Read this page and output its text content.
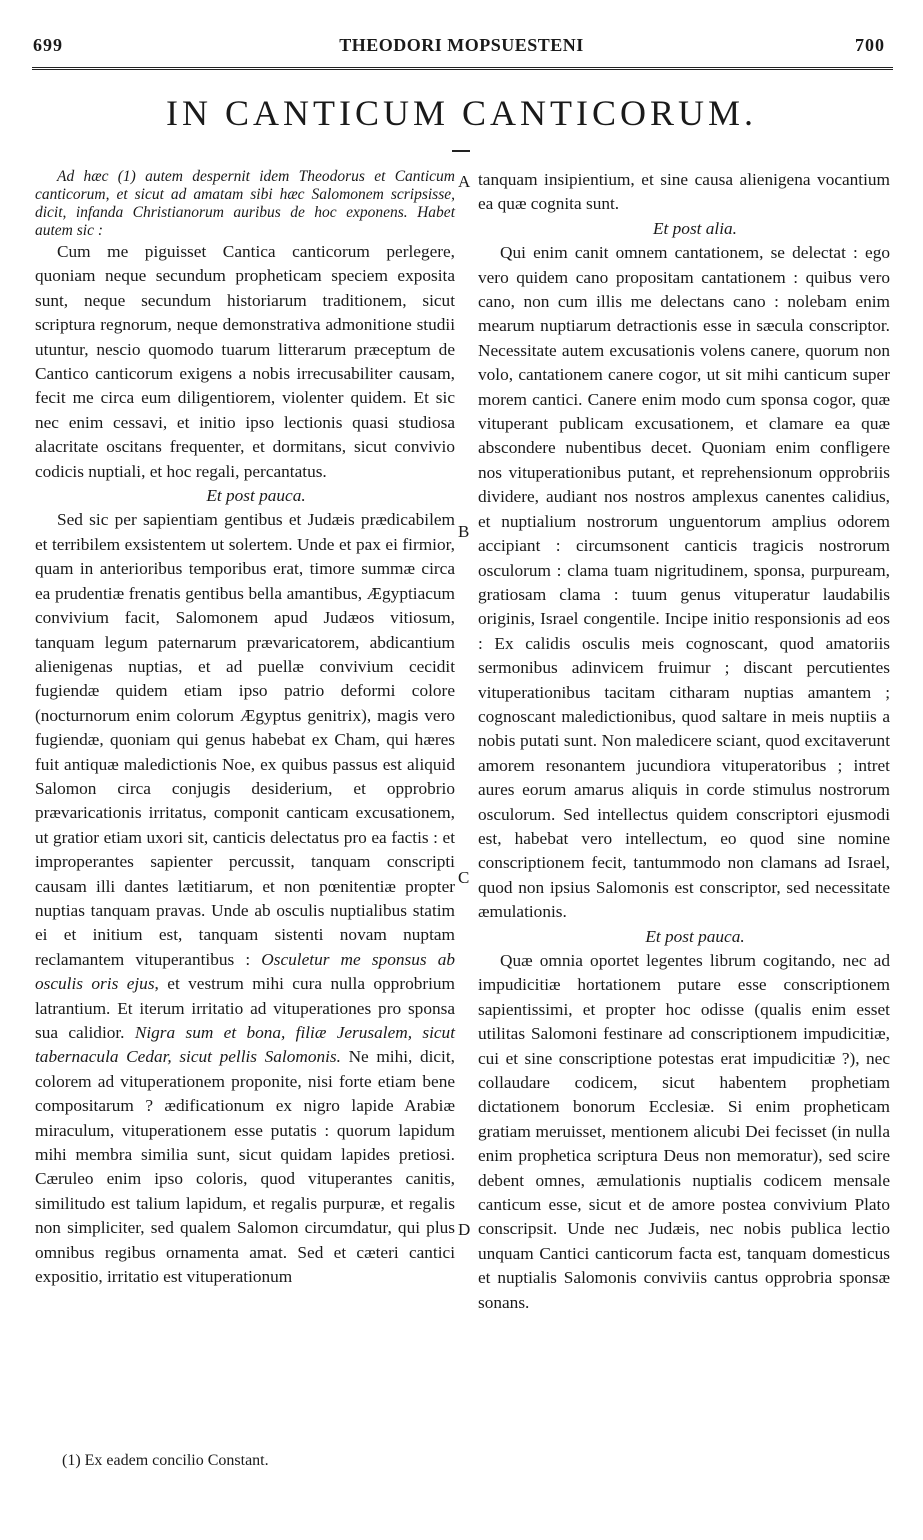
699	THEODORI MOPSUESTENI	700
IN CANTICUM CANTICORUM.

Ad hæc (1) autem despernit idem Theodorus et Canticum canticorum, et sicut ad amatam sibi hæc Salomonem scripsisse, dicit, infanda Christianorum auribus de hoc exponens. Habet autem sic :

Cum me piguisset Cantica canticorum perlegere, quoniam neque secundum propheticam speciem exposita sunt, neque secundum historiarum traditionem, sicut scriptura regnorum, neque demonstrativa admonitione studii utuntur, nescio quomodo tuarum litterarum præceptum de Cantico canticorum exigens a nobis irrecusabiliter causam, fecit me circa eum diligentiorem, violenter quidem. Et sic nec enim cessavi, et initio ipso lectionis quasi studiosa alacritate oscitans frequenter, et dormitans, sicut convivio codicis nuptiali, et hoc regali, percantatus.

Et post pauca.

Sed sic per sapientiam gentibus et Judæis prædicabilem et terribilem exsistentem ut solertem. Unde et pax ei firmior, quam in anterioribus temporibus erat, timore summæ circa ea prudentiæ frenatis gentibus bella amantibus, Ægyptiacum convivium facit, Salomonem apud Judæos vitiosum, tanquam legum paternarum prævaricatorem, abdicantium alienigenas nuptias, et ad puellæ convivium cecidit fugiendæ quidem etiam ipso patrio deformi colore (nocturnorum enim colorum Ægyptus genitrix), magis vero fugiendæ, quoniam qui genus habebat ex Cham, qui hæres fuit antiquæ maledictionis Noe, ex quibus passus est aliquid Salomon circa conjugis desiderium, et opprobrio prævaricationis irritatus, componit canticam excusationem, ut gratior etiam uxori sit, canticis delectatus pro ea factis : et improperantes sapienter percussit, tanquam conscripti causam illi dantes lætitiarum, et non pœnitentiæ propter nuptias tanquam pravas. Unde ab osculis nuptialibus statim ei et initium est, tanquam sistenti novam nuptam reclamantem vituperantibus : Osculetur me sponsus ab osculis oris ejus, et vestrum mihi cura nulla opprobrium latrantium. Et iterum irritatio ad vituperationes pro sponsa sua calidior. Nigra sum et bona, filiæ Jerusalem, sicut tabernacula Cedar, sicut pellis Salomonis. Ne mihi, dicit, colorem ad vituperationem proponite, nisi forte etiam bene compositarum ? ædificationum ex nigro lapide Arabiæ miraculum, vituperationem esse putatis : quorum lapidum mihi membra similia sunt, sicut quidam lapides pretiosi. Cæruleo enim ipso coloris, quod vituperantes canitis, similitudo est talium lapidum, et regalis purpuræ, et regalis non simpliciter, sed qualem Salomon circumdatur, qui plus omnibus regibus ornamenta amat. Sed et cæteri cantici expositio, irritatio est vituperationum

A
B
C
D

tanquam insipientium, et sine causa alienigena vocantium ea quæ cognita sunt.

Et post alia.

Qui enim canit omnem cantationem, se delectat : ego vero quidem cano propositam cantationem : quibus vero cano, non cum illis me delectans cano : nolebam enim mearum nuptiarum detractionis esse in sæcula conscriptor. Necessitate autem excusationis volens canere, quorum non volo, cantationem canere cogor, ut sit mihi canticum super morem cantici. Canere enim modo cum sponsa cogor, quæ vituperant publicam excusationem, et clamare ea quæ abscondere nubentibus decet. Quoniam enim confligere nos vituperationibus putant, et reprehensionum opprobriis dividere, audiant nos nostros amplexus canentes calidius, et nuptialium nostrorum unguentorum amplius odorem accipiant : circumsonent canticis tragicis nostrorum osculorum : clama tuam nigritudinem, sponsa, purpuream, gratiosam clama : tuum genus vituperatur laudabilis originis, Israel congentile. Incipe initio responsionis ad eos : Ex calidis osculis meis cognoscant, quod amatoriis sermonibus adinvicem fruimur ; discant percutientes vituperationibus tacitam citharam nuptias amantem ; cognoscant maledictionibus, quod saltare in meis nuptiis a nobis putati sunt. Non maledicere sciant, quod excitaverunt amorem resonantem jucundiora vituperatoribus ; intret aures eorum amarus aliquis in corde stimulus nostrorum osculorum. Sed intellectus quidem conscriptori ejusmodi est, habebat vero intellectum, eo quod sine nomine conscriptionem fecit, tantummodo non clamans ad Israel, quod non ipsius Salomonis est conscriptor, sed necessitate æmulationis.

Et post pauca.

Quæ omnia oportet legentes librum cogitando, nec ad impudicitiæ hortationem putare esse conscriptionem sapientissimi, et propter hoc odisse (qualis enim esset utilitas Salomoni festinare ad conscriptionem impudicitiæ, cui et sine conscriptione potestas erat impudicitiæ ?), nec collaudare codicem, sicut habentem prophetiam dictationem bonorum Ecclesiæ. Si enim propheticam gratiam meruisset, mentionem alicubi Dei fecisset (in nulla enim prophetica scriptura Deus non memoratur), sed scire debent omnes, æmulationis nuptialis codicem mensale canticum esse, sicut et de amore postea convivium Plato conscripsit. Unde nec Judæis, nec nobis publica lectio unquam Cantici canticorum facta est, tanquam domesticus et nuptialis Salomonis conviviis cantus opprobria sponsæ sonans.

(1) Ex eadem concilio Constant.
